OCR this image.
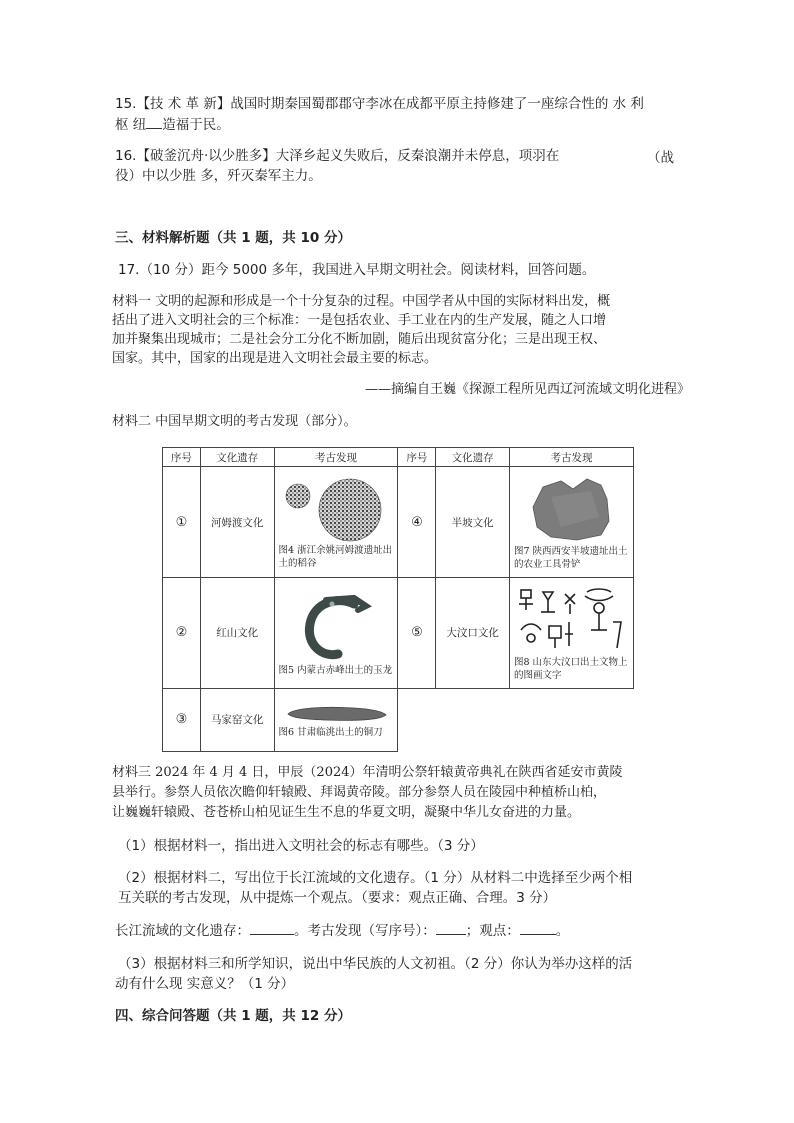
15.【技 术 革 新】战国时期秦国蜀郡郡守李冰在成都平原主持修建了一座综合性的 水 利
枢 纽 造福于民。
16.【破釜沉舟·以少胜多】大泽乡起义失败后，反秦浪潮并未停息，项羽在	（战
役）中以少胜 多，歼灭秦军主力。
三、材料解析题（共 1 题，共 10 分）
17.（10 分）距今 5000 多年，我国进入早期文明社会。阅读材料，回答问题。
材料一 文明的起源和形成是一个十分复杂的过程。中国学者从中国的实际材料出发，概
括出了进入文明社会的三个标准：一是包括农业、手工业在内的生产发展，随之人口增
加并聚集出现城市；二是社会分工分化不断加剧，随后出现贫富分化；三是出现王权、
国家。其中，国家的出现是进入文明社会最主要的标志。
——摘编自王巍《探源工程所见西辽河流域文明化进程》
材料二 中国早期文明的考古发现（部分）。
序号	文化遗存	考古发现	序号	文化遗存	考古发现
①	河姆渡文化	图4 浙江余姚河姆渡遗址出土的稻谷	④	半坡文化	图7 陕西西安半坡遗址出土的农业工具骨铲

②	红山文化	图5 内蒙古赤峰出土的玉龙	⑤	大汶口文化	图8 山东大汶口出土文物上的图画文字

③	马家窑文化	图6 甘肃临洮出土的铜刀			

材料三 2024 年 4 月 4 日，甲辰（2024）年清明公祭轩辕黄帝典礼在陕西省延安市黄陵
县举行。参祭人员依次瞻仰轩辕殿、拜谒黄帝陵。部分参祭人员在陵园中种植桥山柏，
让巍巍轩辕殿、苍苍桥山柏见证生生不息的华夏文明，凝聚中华儿女奋进的力量。
（1）根据材料一，指出进入文明社会的标志有哪些。（3 分）
（2）根据材料二，写出位于长江流域的文化遗存。（1 分）从材料二中选择至少两个相
互关联的考古发现，从中提炼一个观点。（要求：观点正确、合理。3 分）
长江流域的文化遗存：	。考古发现（写序号）： ；观点：	。
（3）根据材料三和所学知识，说出中华民族的人文初祖。（2 分）你认为举办这样的活
动有什么现 实意义？（1 分）
四、综合问答题（共 1 题，共 12 分）
